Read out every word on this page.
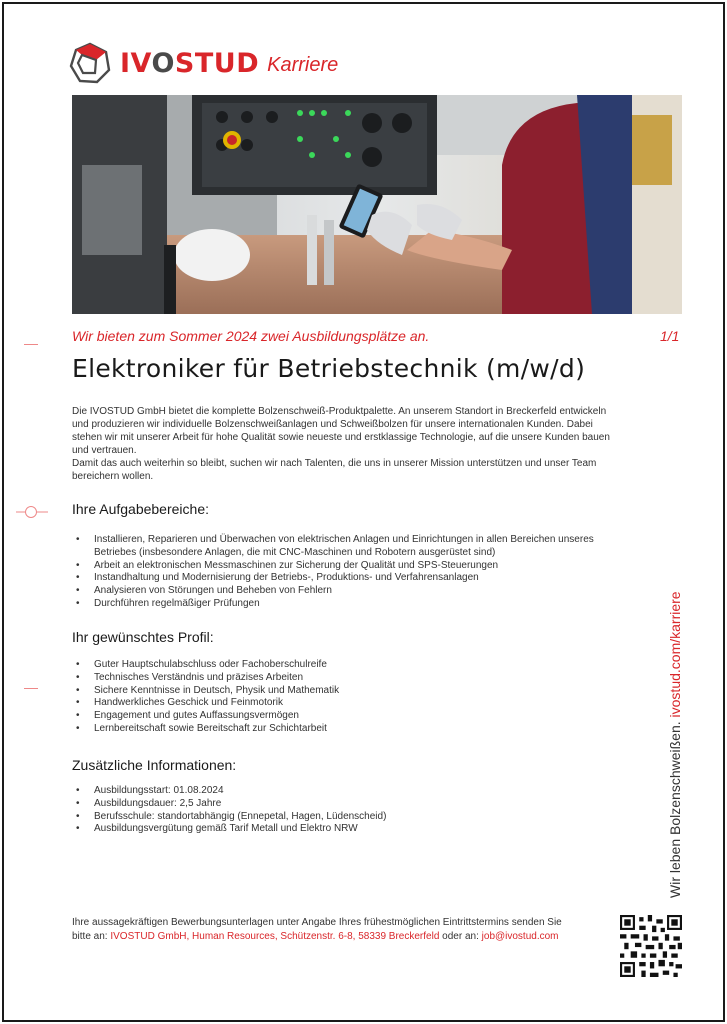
IVOSTUD Karriere
Wir bieten zum Sommer 2024 zwei Ausbildungsplätze an.	1/1
Elektroniker für Betriebstechnik (m/w/d)

Die IVOSTUD GmbH bietet die komplette Bolzenschweiß-Produktpalette. An unserem Standort in Breckerfeld entwickeln und produzieren wir individuelle Bolzenschweißanlagen und Schweißbolzen für unsere internationalen Kunden. Dabei stehen wir mit unserer Arbeit für hohe Qualität sowie neueste und erstklassige Technologie, auf die unsere Kunden bauen und vertrauen.

Damit das auch weiterhin so bleibt, suchen wir nach Talenten, die uns in unserer Mission unterstützen und unser Team bereichern wollen.

Ihre Aufgabebereiche:
• Installieren, Reparieren und Überwachen von elektrischen Anlagen und Einrichtungen in allen Bereichen unseres Betriebes (insbesondere Anlagen, die mit CNC-Maschinen und Robotern ausgerüstet sind)
• Arbeit an elektronischen Messmaschinen zur Sicherung der Qualität und SPS-Steuerungen
• Instandhaltung und Modernisierung der Betriebs-, Produktions- und Verfahrensanlagen
• Analysieren von Störungen und Beheben von Fehlern
• Durchführen regelmäßiger Prüfungen
Ihr gewünschtes Profil:
• Guter Hauptschulabschluss oder Fachoberschulreife
• Technisches Verständnis und präzises Arbeiten
• Sichere Kenntnisse in Deutsch, Physik und Mathematik
• Handwerkliches Geschick und Feinmotorik
• Engagement und gutes Auffassungsvermögen
• Lernbereitschaft sowie Bereitschaft zur Schichtarbeit
Zusätzliche Informationen:
• Ausbildungsstart: 01.08.2024
• Ausbildungsdauer: 2,5 Jahre
• Berufsschule: standortabhängig (Ennepetal, Hagen, Lüdenscheid)
• Ausbildungsvergütung gemäß Tarif Metall und Elektro NRW
Ihre aussagekräftigen Bewerbungsunterlagen unter Angabe Ihres frühestmöglichen Eintrittstermins senden Sie
bitte an: IVOSTUD GmbH, Human Resources, Schützenstr. 6-8, 58339 Breckerfeld oder an: job@ivostud.com
Wir leben Bolzenschweißen. ivostud.com/karriere
